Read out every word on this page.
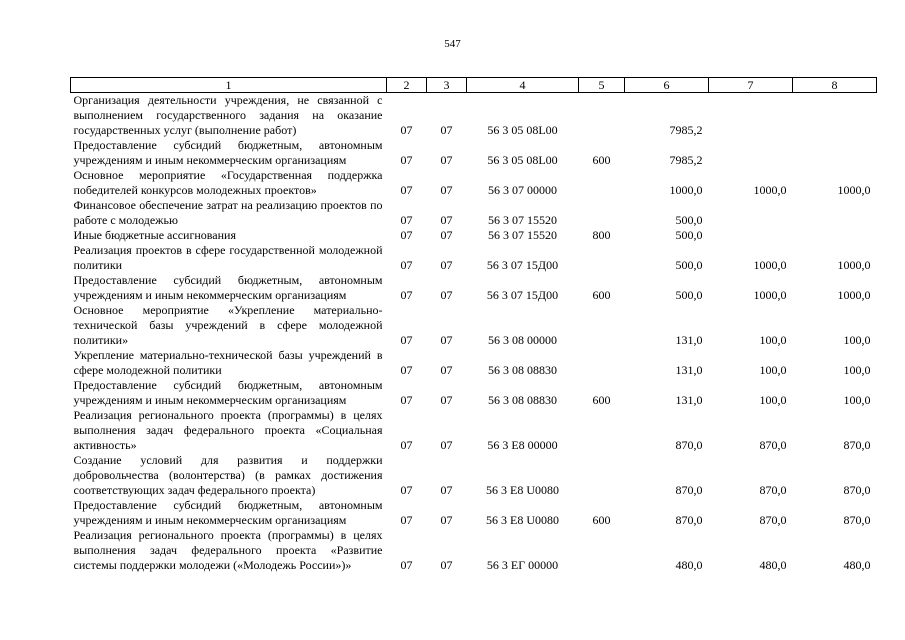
547
1	2	3	4	5	6	7	8
Организация деятельности учреждения, не связанной с выполнением государственного задания на оказание государственных услуг (выполнение работ)	07	07	56 3 05 08L00		7985,2		
Предоставление субсидий бюджетным, автономным учреждениям и иным некоммерческим организациям	07	07	56 3 05 08L00	600	7985,2		
Основное мероприятие «Государственная поддержка победителей конкурсов молодежных проектов»	07	07	56 3 07 00000		1000,0	1000,0	1000,0
Финансовое обеспечение затрат на реализацию проектов по работе с молодежью	07	07	56 3 07 15520		500,0		
Иные бюджетные ассигнования	07	07	56 3 07 15520	800	500,0		
Реализация проектов в сфере государственной молодежной политики	07	07	56 3 07 15Д00		500,0	1000,0	1000,0
Предоставление субсидий бюджетным, автономным учреждениям и иным некоммерческим организациям	07	07	56 3 07 15Д00	600	500,0	1000,0	1000,0
Основное мероприятие «Укрепление материально-технической базы учреждений в сфере молодежной политики»	07	07	56 3 08 00000		131,0	100,0	100,0
Укрепление материально-технической базы учреждений в сфере молодежной политики	07	07	56 3 08 08830		131,0	100,0	100,0
Предоставление субсидий бюджетным, автономным учреждениям и иным некоммерческим организациям	07	07	56 3 08 08830	600	131,0	100,0	100,0
Реализация регионального проекта (программы) в целях выполнения задач федерального проекта «Социальная активность»	07	07	56 3 E8 00000		870,0	870,0	870,0
Создание условий для развития и поддержки добровольчества (волонтерства) (в рамках достижения соответствующих задач федерального проекта)	07	07	56 3 E8 U0080		870,0	870,0	870,0
Предоставление субсидий бюджетным, автономным учреждениям и иным некоммерческим организациям	07	07	56 3 E8 U0080	600	870,0	870,0	870,0
Реализация регионального проекта (программы) в целях выполнения задач федерального проекта «Развитие системы поддержки молодежи («Молодежь России»)»	07	07	56 3 ЕГ 00000		480,0	480,0	480,0
